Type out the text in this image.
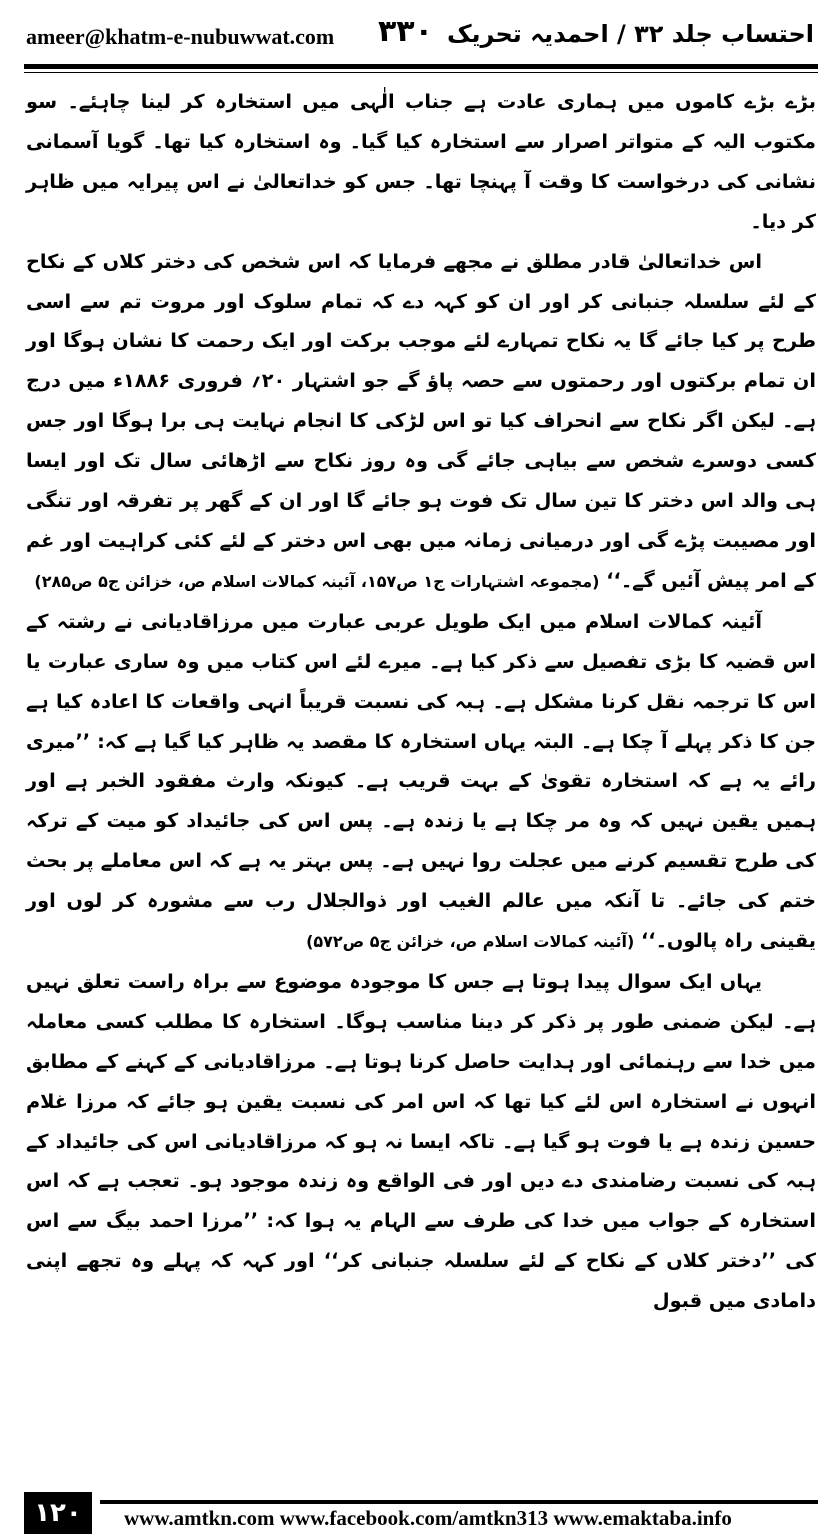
ameer@khatm-e-nubuwwat.com ۳۳۰ احتساب جلد ۳۲ / احمدیہ تحریک

بڑے بڑے کاموں میں ہماری عادت ہے جناب الٰہی میں استخارہ کر لینا چاہئے۔ سو مکتوب الیہ کے متواتر اصرار سے استخارہ کیا گیا۔ وہ استخارہ کیا تھا۔ گویا آسمانی نشانی کی درخواست کا وقت آ پہنچا تھا۔ جس کو خداتعالیٰ نے اس پیرایہ میں ظاہر کر دیا۔

اس خداتعالیٰ قادر مطلق نے مجھے فرمایا کہ اس شخص کی دختر کلاں کے نکاح کے لئے سلسلہ جنبانی کر اور ان کو کہہ دے کہ تمام سلوک اور مروت تم سے اسی طرح پر کیا جائے گا یہ نکاح تمہارے لئے موجب برکت اور ایک رحمت کا نشان ہوگا اور ان تمام برکتوں اور رحمتوں سے حصہ پاؤ گے جو اشتہار ۲۰؍ فروری ۱۸۸۶ء میں درج ہے۔ لیکن اگر نکاح سے انحراف کیا تو اس لڑکی کا انجام نہایت ہی برا ہوگا اور جس کسی دوسرے شخص سے بیاہی جائے گی وہ روز نکاح سے اڑھائی سال تک اور ایسا ہی والد اس دختر کا تین سال تک فوت ہو جائے گا اور ان کے گھر پر تفرقہ اور تنگی اور مصیبت پڑے گی اور درمیانی زمانہ میں بھی اس دختر کے لئے کئی کراہیت اور غم کے امر پیش آئیں گے۔‘‘ (مجموعہ اشتہارات ج۱ ص۱۵۷، آئینہ کمالات اسلام ص، خزائن ج۵ ص۲۸۵)

آئینہ کمالات اسلام میں ایک طویل عربی عبارت میں مرزاقادیانی نے رشتہ کے اس قضیہ کا بڑی تفصیل سے ذکر کیا ہے۔ میرے لئے اس کتاب میں وہ ساری عبارت یا اس کا ترجمہ نقل کرنا مشکل ہے۔ ہبہ کی نسبت قریباً انہی واقعات کا اعادہ کیا ہے جن کا ذکر پہلے آ چکا ہے۔ البتہ یہاں استخارہ کا مقصد یہ ظاہر کیا گیا ہے کہ: ’’میری رائے یہ ہے کہ استخارہ تقویٰ کے بہت قریب ہے۔ کیونکہ وارث مفقود الخبر ہے اور ہمیں یقین نہیں کہ وہ مر چکا ہے یا زندہ ہے۔ پس اس کی جائیداد کو میت کے ترکہ کی طرح تقسیم کرنے میں عجلت روا نہیں ہے۔ پس بہتر یہ ہے کہ اس معاملے پر بحث ختم کی جائے۔ تا آنکہ میں عالم الغیب اور ذوالجلال رب سے مشورہ کر لوں اور یقینی راہ پالوں۔‘‘ (آئینہ کمالات اسلام ص، خزائن ج۵ ص۵۷۲)

یہاں ایک سوال پیدا ہوتا ہے جس کا موجودہ موضوع سے براہ راست تعلق نہیں ہے۔ لیکن ضمنی طور پر ذکر کر دینا مناسب ہوگا۔ استخارہ کا مطلب کسی معاملہ میں خدا سے رہنمائی اور ہدایت حاصل کرنا ہوتا ہے۔ مرزاقادیانی کے کہنے کے مطابق انہوں نے استخارہ اس لئے کیا تھا کہ اس امر کی نسبت یقین ہو جائے کہ مرزا غلام حسین زندہ ہے یا فوت ہو گیا ہے۔ تاکہ ایسا نہ ہو کہ مرزاقادیانی اس کی جائیداد کے ہبہ کی نسبت رضامندی دے دیں اور فی الواقع وہ زندہ موجود ہو۔ تعجب ہے کہ اس استخارہ کے جواب میں خدا کی طرف سے الہام یہ ہوا کہ: ’’مرزا احمد بیگ سے اس کی ’’دختر کلاں کے نکاح کے لئے سلسلہ جنبانی کر‘‘ اور کہہ کہ پہلے وہ تجھے اپنی دامادی میں قبول

۱۲۰	www.amtkn.com www.facebook.com/amtkn313 www.emaktaba.info
